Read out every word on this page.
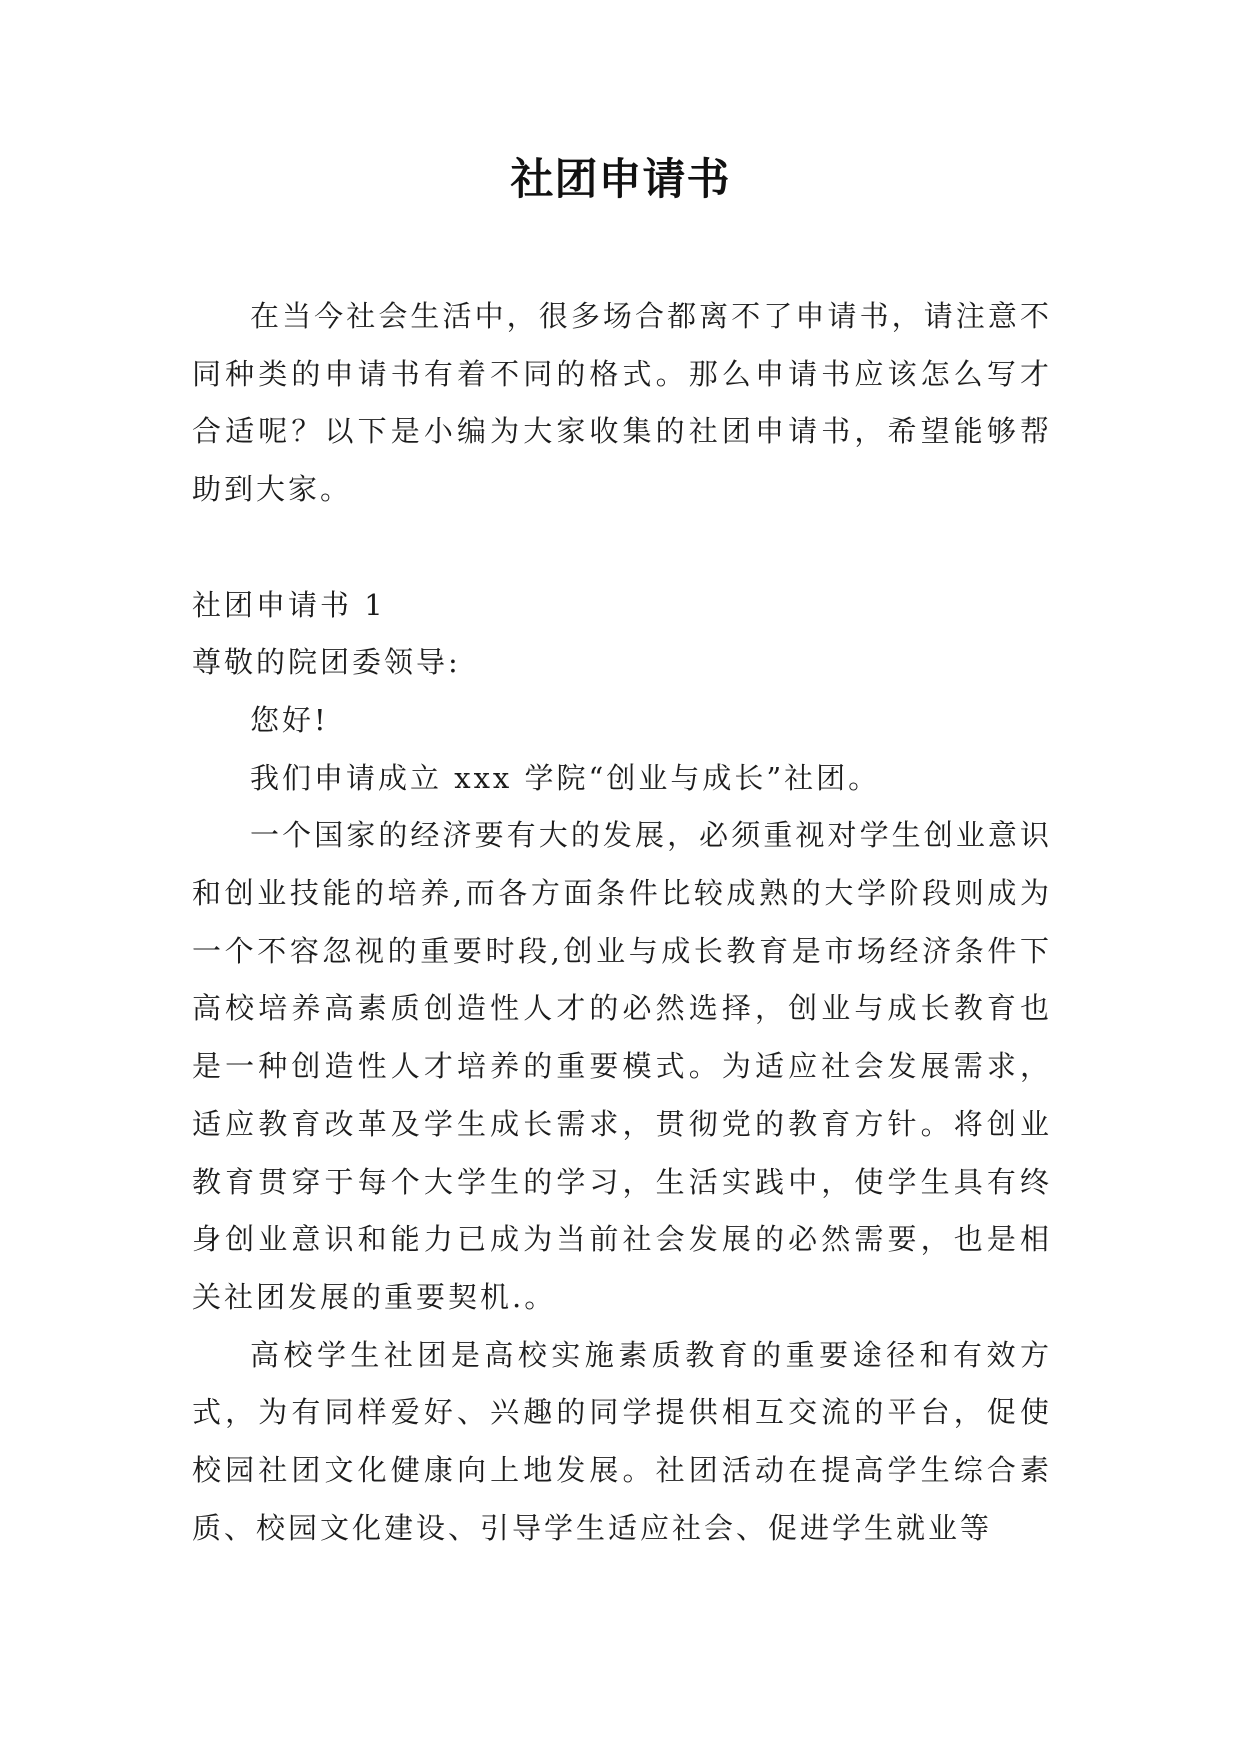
社团申请书

在当今社会生活中，很多场合都离不了申请书，请注意不同种类的申请书有着不同的格式。那么申请书应该怎么写才合适呢？以下是小编为大家收集的社团申请书，希望能够帮助到大家。

社团申请书 1

尊敬的院团委领导:

您好!

我们申请成立 xxx 学院“创业与成长”社团。

一个国家的经济要有大的发展，必须重视对学生创业意识和创业技能的培养,而各方面条件比较成熟的大学阶段则成为一个不容忽视的重要时段,创业与成长教育是市场经济条件下高校培养高素质创造性人才的必然选择，创业与成长教育也是一种创造性人才培养的重要模式。为适应社会发展需求，适应教育改革及学生成长需求，贯彻党的教育方针。将创业教育贯穿于每个大学生的学习，生活实践中，使学生具有终身创业意识和能力已成为当前社会发展的必然需要，也是相关社团发展的重要契机.。

高校学生社团是高校实施素质教育的重要途径和有效方式，为有同样爱好、兴趣的同学提供相互交流的平台，促使校园社团文化健康向上地发展。社团活动在提高学生综合素质、校园文化建设、引导学生适应社会、促进学生就业等
